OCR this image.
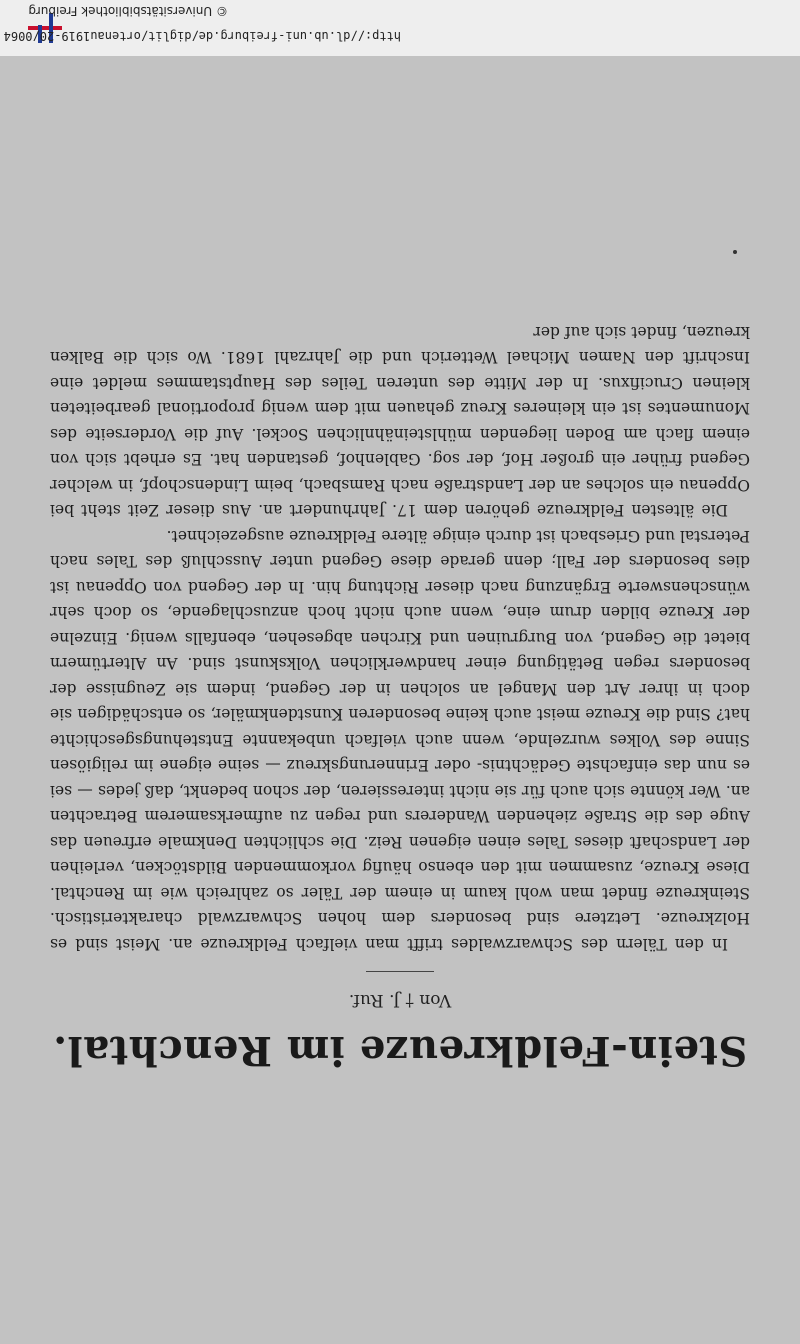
Stein-Feldkreuze im Renchtal.
Von † J. Ruf.

In den Tälern des Schwarzwaldes trifft man vielfach Feldkreuze an. Meist sind es Holzkreuze. Letztere sind besonders dem hohen Schwarzwald charakteristisch. Steinkreuze findet man wohl kaum in einem der Täler so zahlreich wie im Renchtal. Diese Kreuze, zusammen mit den ebenso häufig vorkommenden Bildstöcken, verleihen der Landschaft dieses Tales einen eigenen Reiz. Die schlichten Denkmale erfreuen das Auge des die Straße ziehenden Wanderers und regen zu aufmerksamerem Betrachten an. Wer könnte sich auch für sie nicht interessieren, der schon bedenkt, daß jedes — sei es nun das einfachste Gedächtnis- oder Erinnerungskreuz — seine eigene im religiösen Sinne des Volkes wurzelnde, wenn auch vielfach unbekannte Entstehungsgeschichte hat? Sind die Kreuze meist auch keine besonderen Kunstdenkmäler, so entschädigen sie doch in ihrer Art den Mangel an solchen in der Gegend, indem sie Zeugnisse der besonders regen Betätigung einer handwerklichen Volkskunst sind. An Altertümern bietet die Gegend, von Burgruinen und Kirchen abgesehen, ebenfalls wenig. Einzelne der Kreuze bilden drum eine, wenn auch nicht hoch anzuschlagende, so doch sehr wünschenswerte Ergänzung nach dieser Richtung hin. In der Gegend von Oppenau ist dies besonders der Fall; denn gerade diese Gegend unter Ausschluß des Tales nach Peterstal und Griesbach ist durch einige ältere Feldkreuze ausgezeichnet.

Die ältesten Feldkreuze gehören dem 17. Jahrhundert an. Aus dieser Zeit steht bei Oppenau ein solches an der Landstraße nach Ramsbach, beim Lindenschopf, in welcher Gegend früher ein großer Hof, der sog. Gablenhof, gestanden hat. Es erhebt sich von einem flach am Boden liegenden mühlsteinähnlichen Sockel. Auf die Vorderseite des Monumentes ist ein kleineres Kreuz gehauen mit dem wenig proportional gearbeiteten kleinen Crucifixus. In der Mitte des unteren Teiles des Hauptstammes meldet eine Inschrift den Namen Michael Wetterich und die Jahrzahl 1681. Wo sich die Balken kreuzen, findet sich auf der

http://dl.ub.uni-freiburg.de/diglit/ortenau1919-20/0064
© Universitätsbibliothek Freiburg
